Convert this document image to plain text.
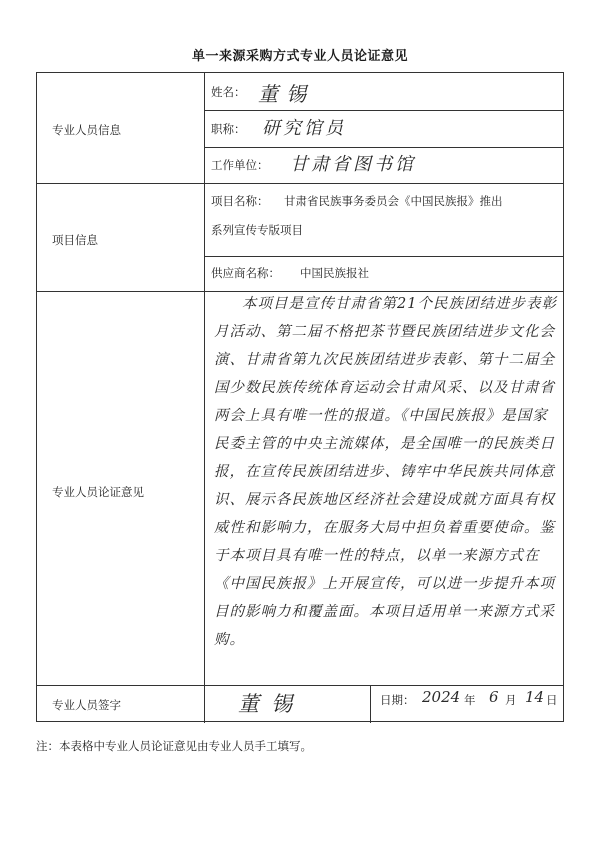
单一来源采购方式专业人员论证意见
专业人员信息
姓名： 董锡
职称： 研究馆员
工作单位： 甘肃省图书馆
项目信息
项目名称： 甘肃省民族事务委员会《中国民族报》推出
系列宣传专版项目
供应商名称： 中国民族报社
专业人员论证意见
本项目是宣传甘肃省第21个民族团结进步表彰月活动、第二届不格把茶节暨民族团结进步文化会演、甘肃省第九次民族团结进步表彰、第十二届全国少数民族传统体育运动会甘肃风采、以及甘肃省两会上具有唯一性的报道。《中国民族报》是国家民委主管的中央主流媒体，是全国唯一的民族类日报，在宣传民族团结进步、铸牢中华民族共同体意识、展示各民族地区经济社会建设成就方面具有权威性和影响力，在服务大局中担负着重要使命。鉴于本项目具有唯一性的特点，以单一来源方式在《中国民族报》上开展宣传，可以进一步提升本项目的影响力和覆盖面。本项目适用单一来源方式采购。
专业人员签字	董锡	日期： 2024 年 6 月 14 日
注：本表格中专业人员论证意见由专业人员手工填写。
